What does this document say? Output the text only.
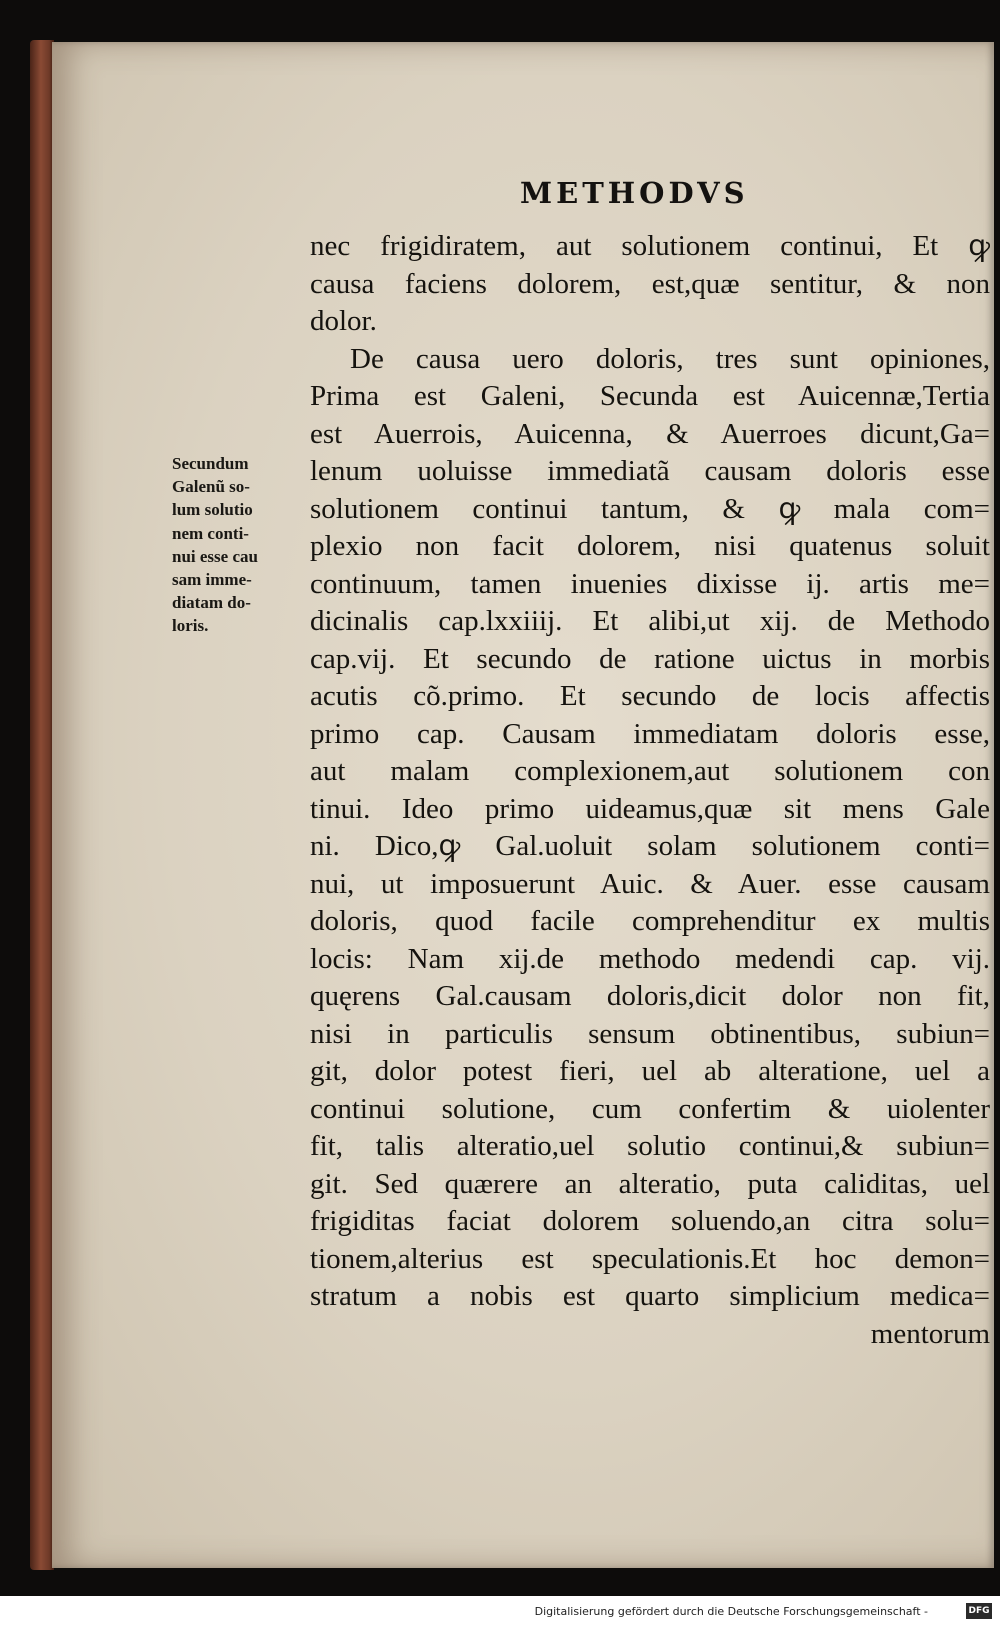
METHODVS
Secundum
Galenũ so-
lum solutio
nem conti-
nui esse cau
sam imme-
diatam do-
loris.
nec frigidiratem, aut solutionem continui, Et ꝙ
causa faciens dolorem, est,quæ sentitur, & non
dolor.
De causa uero doloris, tres sunt opiniones,
Prima est Galeni, Secunda est Auicennæ,Tertia
est Auerrois, Auicenna, & Auerroes dicunt,Ga=
lenum uoluisse immediatã causam doloris esse
solutionem continui tantum, & ꝙ mala com=
plexio non facit dolorem, nisi quatenus soluit
continuum, tamen inuenies dixisse ij. artis me=
dicinalis cap.lxxiiij. Et alibi,ut xij. de Methodo
cap.vij. Et secundo de ratione uictus in morbis
acutis cõ.primo. Et secundo de locis affectis
primo cap. Causam immediatam doloris esse,
aut malam complexionem,aut solutionem con
tinui. Ideo primo uideamus,quæ sit mens Gale
ni. Dico,ꝙ Gal.uoluit solam solutionem conti=
nui, ut imposuerunt Auic. & Auer. esse causam
doloris, quod facile comprehenditur ex multis
locis: Nam xij.de methodo medendi cap. vij.
quęrens Gal.causam doloris,dicit dolor non fit,
nisi in particulis sensum obtinentibus, subiun=
git, dolor potest fieri, uel ab alteratione, uel a
continui solutione, cum confertim & uiolenter
fit, talis alteratio,uel solutio continui,& subiun=
git. Sed quærere an alteratio, puta caliditas, uel
frigiditas faciat dolorem soluendo,an citra solu=
tionem,alterius est speculationis.Et hoc demon=
stratum a nobis est quarto simplicium medica=
mentorum
Digitalisierung gefördert durch die Deutsche Forschungsgemeinschaft -	DFG
